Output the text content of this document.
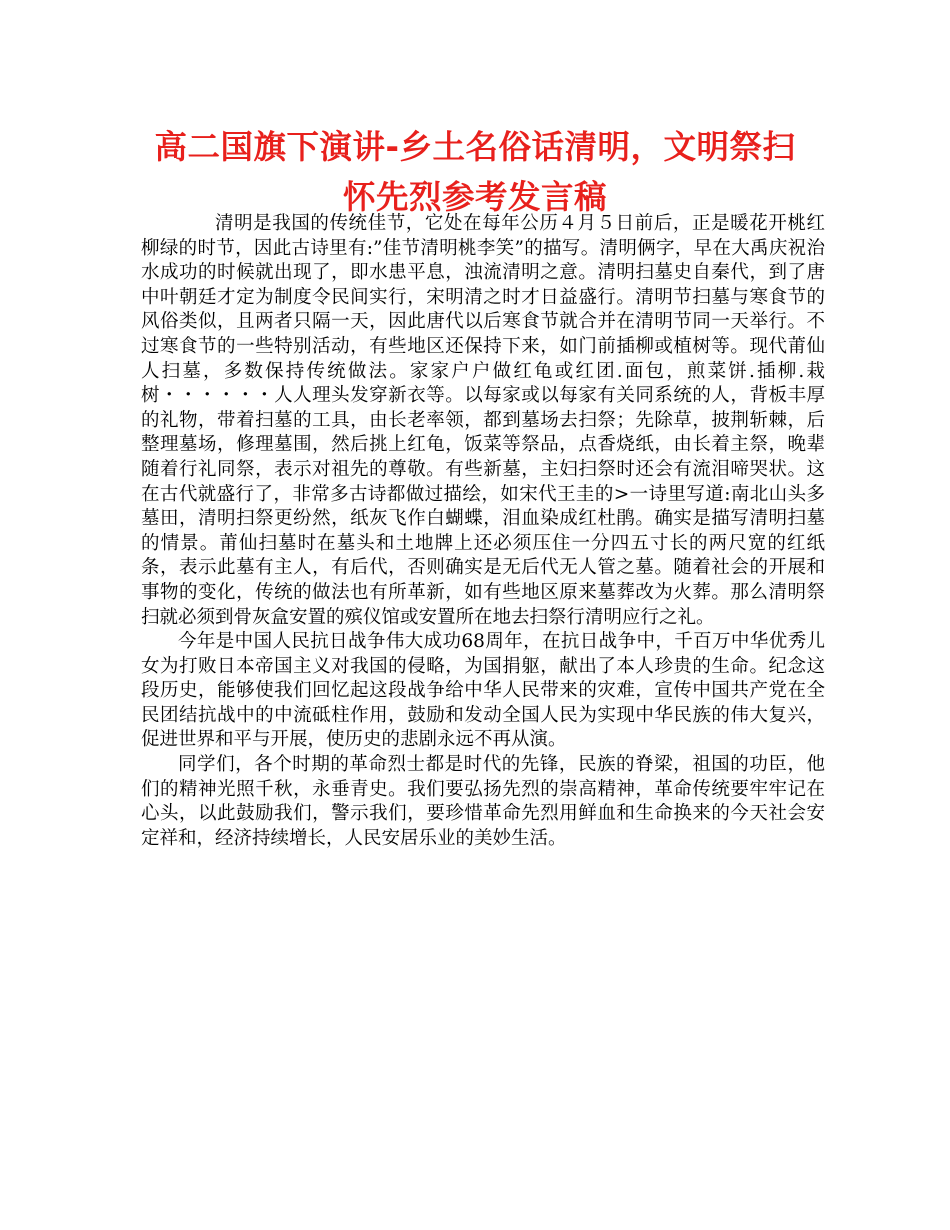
高二国旗下演讲-乡土名俗话清明，文明祭扫怀先烈参考发言稿

清明是我国的传统佳节，它处在每年公历４月５日前后，正是暖花开桃红柳绿的时节，因此古诗里有:”佳节清明桃李笑”的描写。清明俩字，早在大禹庆祝治水成功的时候就出现了，即水患平息，浊流清明之意。清明扫墓史自秦代，到了唐中叶朝廷才定为制度令民间实行，宋明清之时才日益盛行。清明节扫墓与寒食节的风俗类似，且两者只隔一天，因此唐代以后寒食节就合并在清明节同一天举行。不过寒食节的一些特别活动，有些地区还保持下来，如门前插柳或植树等。现代莆仙人扫墓，多数保持传统做法。家家户户做红龟或红团.面包，煎菜饼.插柳.栽树・・・・・・人人理头发穿新衣等。以每家或以每家有关同系统的人，背板丰厚的礼物，带着扫墓的工具，由长老率领，都到墓场去扫祭；先除草，披荆斩棘，后整理墓场，修理墓围，然后挑上红龟，饭菜等祭品，点香烧纸，由长着主祭，晚辈随着行礼同祭，表示对祖先的尊敬。有些新墓，主妇扫祭时还会有流泪啼哭状。这在古代就盛行了，非常多古诗都做过描绘，如宋代王圭的>一诗里写道:南北山头多墓田，清明扫祭更纷然，纸灰飞作白蝴蝶，泪血染成红杜鹃。确实是描写清明扫墓的情景。莆仙扫墓时在墓头和土地牌上还必须压住一分四五寸长的两尺宽的红纸条，表示此墓有主人，有后代，否则确实是无后代无人管之墓。随着社会的开展和事物的变化，传统的做法也有所革新，如有些地区原来墓葬改为火葬。那么清明祭扫就必须到骨灰盒安置的殡仪馆或安置所在地去扫祭行清明应行之礼。

今年是中国人民抗日战争伟大成功68周年，在抗日战争中，千百万中华优秀儿女为打败日本帝国主义对我国的侵略，为国捐躯，献出了本人珍贵的生命。纪念这段历史，能够使我们回忆起这段战争给中华人民带来的灾难，宣传中国共产党在全民团结抗战中的中流砥柱作用，鼓励和发动全国人民为实现中华民族的伟大复兴，促进世界和平与开展，使历史的悲剧永远不再从演。

同学们，各个时期的革命烈士都是时代的先锋，民族的脊梁，祖国的功臣，他们的精神光照千秋，永垂青史。我们要弘扬先烈的崇高精神，革命传统要牢牢记在心头，以此鼓励我们，警示我们，要珍惜革命先烈用鲜血和生命换来的今天社会安定祥和，经济持续增长，人民安居乐业的美妙生活。
